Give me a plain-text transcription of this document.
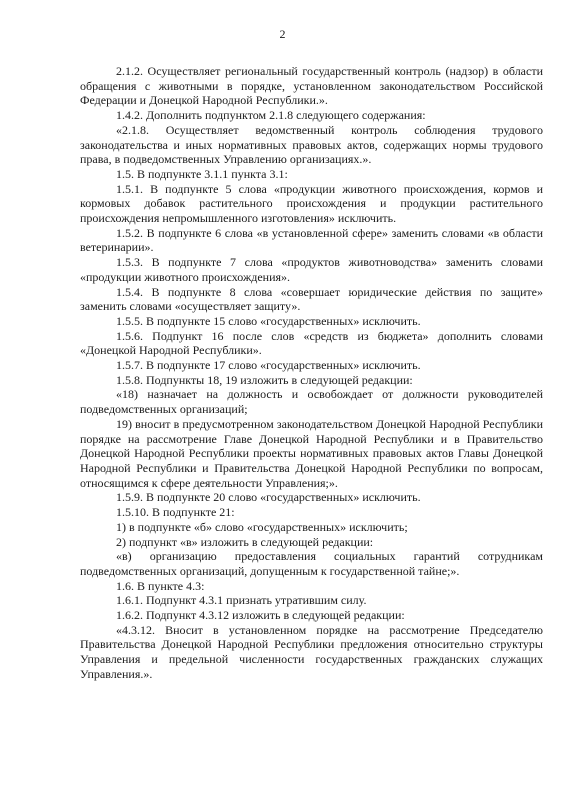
2

2.1.2. Осуществляет региональный государственный контроль (надзор) в области обращения с животными в порядке, установленном законодательством Российской Федерации и Донецкой Народной Республики.».

1.4.2. Дополнить подпунктом 2.1.8 следующего содержания:

«2.1.8. Осуществляет ведомственный контроль соблюдения трудового законодательства и иных нормативных правовых актов, содержащих нормы трудового права, в подведомственных Управлению организациях.».

1.5. В подпункте 3.1.1 пункта 3.1:

1.5.1. В подпункте 5 слова «продукции животного происхождения, кормов и кормовых добавок растительного происхождения и продукции растительного происхождения непромышленного изготовления» исключить.

1.5.2. В подпункте 6 слова «в установленной сфере» заменить словами «в области ветеринарии».

1.5.3. В подпункте 7 слова «продуктов животноводства» заменить словами «продукции животного происхождения».

1.5.4. В подпункте 8 слова «совершает юридические действия по защите» заменить словами «осуществляет защиту».

1.5.5. В подпункте 15 слово «государственных» исключить.

1.5.6. Подпункт 16 после слов «средств из бюджета» дополнить словами «Донецкой Народной Республики».

1.5.7. В подпункте 17 слово «государственных» исключить.

1.5.8. Подпункты 18, 19 изложить в следующей редакции:

«18) назначает на должность и освобождает от должности руководителей подведомственных организаций;

19) вносит в предусмотренном законодательством Донецкой Народной Республики порядке на рассмотрение Главе Донецкой Народной Республики и в Правительство Донецкой Народной Республики проекты нормативных правовых актов Главы Донецкой Народной Республики и Правительства Донецкой Народной Республики по вопросам, относящимся к сфере деятельности Управления;».

1.5.9. В подпункте 20 слово «государственных» исключить.

1.5.10. В подпункте 21:

1) в подпункте «б» слово «государственных» исключить;

2) подпункт «в» изложить в следующей редакции:

«в) организацию предоставления социальных гарантий сотрудникам подведомственных организаций, допущенным к государственной тайне;».

1.6. В пункте 4.3:

1.6.1. Подпункт 4.3.1 признать утратившим силу.

1.6.2. Подпункт 4.3.12 изложить в следующей редакции:

«4.3.12. Вносит в установленном порядке на рассмотрение Председателю Правительства Донецкой Народной Республики предложения относительно структуры Управления и предельной численности государственных гражданских служащих Управления.».
